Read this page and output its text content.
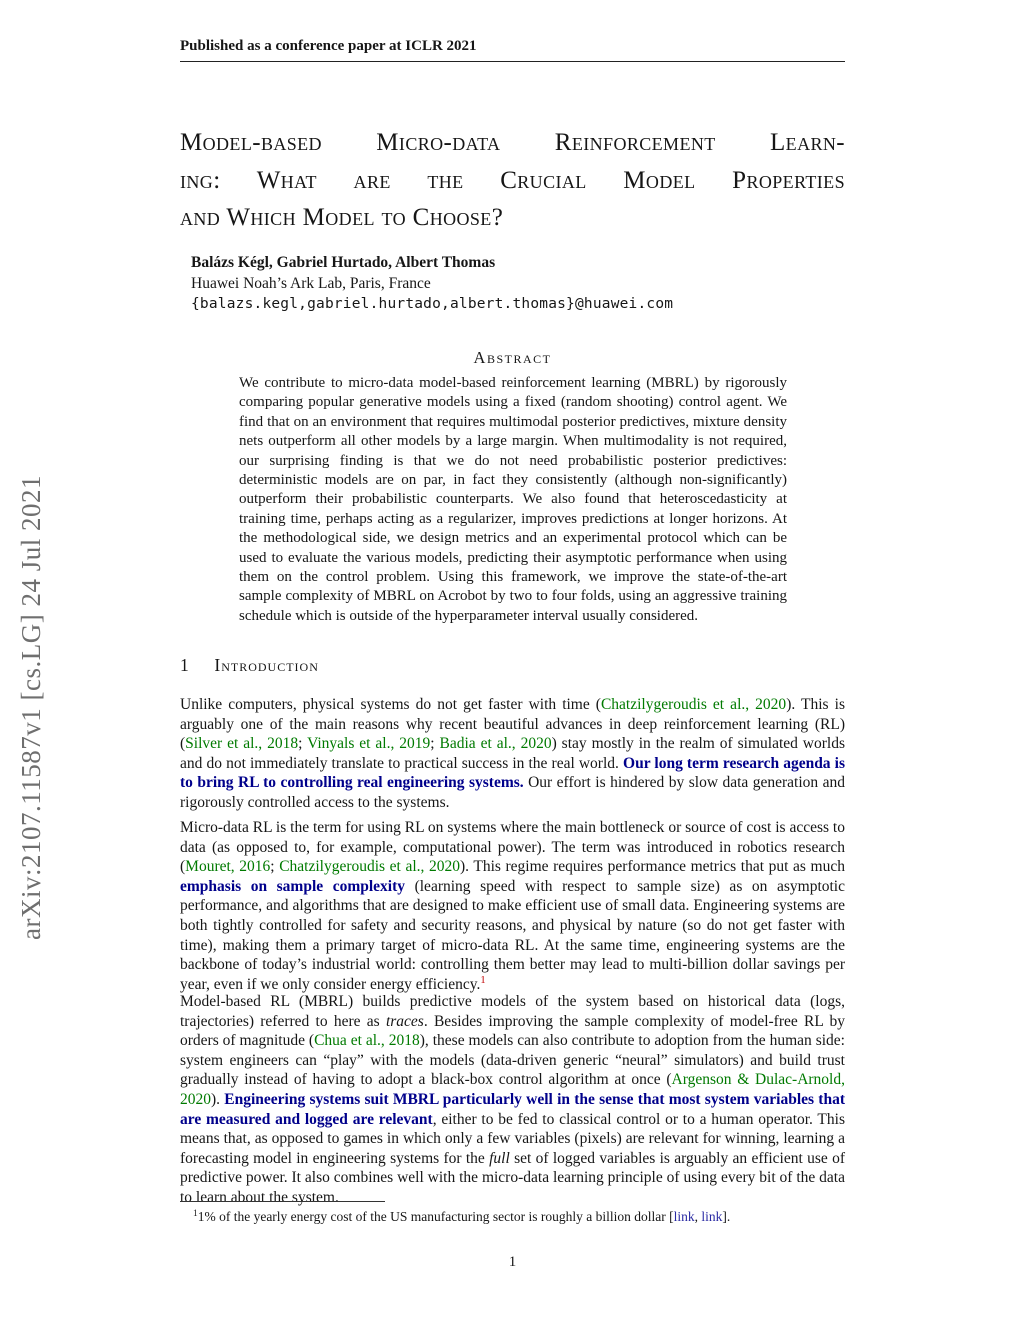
arXiv:2107.11587v1 [cs.LG] 24 Jul 2021
Published as a conference paper at ICLR 2021
Model-based Micro-data Reinforcement Learn-
ing: What are the Crucial Model Properties
and Which Model to Choose?
Balázs Kégl, Gabriel Hurtado, Albert Thomas
Huawei Noah’s Ark Lab, Paris, France
{balazs.kegl,gabriel.hurtado,albert.thomas}@huawei.com
Abstract
We contribute to micro-data model-based reinforcement learning (MBRL) by rigorously comparing popular generative models using a fixed (random shooting) control agent. We find that on an environment that requires multimodal posterior predictives, mixture density nets outperform all other models by a large margin. When multimodality is not required, our surprising finding is that we do not need probabilistic posterior predictives: deterministic models are on par, in fact they consistently (although non-significantly) outperform their probabilistic counterparts. We also found that heteroscedasticity at training time, perhaps acting as a regularizer, improves predictions at longer horizons. At the methodological side, we design metrics and an experimental protocol which can be used to evaluate the various models, predicting their asymptotic performance when using them on the control problem. Using this framework, we improve the state-of-the-art sample complexity of MBRL on Acrobot by two to four folds, using an aggressive training schedule which is outside of the hyperparameter interval usually considered.
1 Introduction

Unlike computers, physical systems do not get faster with time (Chatzilygeroudis et al., 2020). This is arguably one of the main reasons why recent beautiful advances in deep reinforcement learning (RL) (Silver et al., 2018; Vinyals et al., 2019; Badia et al., 2020) stay mostly in the realm of simulated worlds and do not immediately translate to practical success in the real world. Our long term research agenda is to bring RL to controlling real engineering systems. Our effort is hindered by slow data generation and rigorously controlled access to the systems.

Micro-data RL is the term for using RL on systems where the main bottleneck or source of cost is access to data (as opposed to, for example, computational power). The term was introduced in robotics research (Mouret, 2016; Chatzilygeroudis et al., 2020). This regime requires performance metrics that put as much emphasis on sample complexity (learning speed with respect to sample size) as on asymptotic performance, and algorithms that are designed to make efficient use of small data. Engineering systems are both tightly controlled for safety and security reasons, and physical by nature (so do not get faster with time), making them a primary target of micro-data RL. At the same time, engineering systems are the backbone of today’s industrial world: controlling them better may lead to multi-billion dollar savings per year, even if we only consider energy efficiency.$^1$

Model-based RL (MBRL) builds predictive models of the system based on historical data (logs, trajectories) referred to here as traces. Besides improving the sample complexity of model-free RL by orders of magnitude (Chua et al., 2018), these models can also contribute to adoption from the human side: system engineers can “play” with the models (data-driven generic “neural” simulators) and build trust gradually instead of having to adopt a black-box control algorithm at once (Argenson & Dulac-Arnold, 2020). Engineering systems suit MBRL particularly well in the sense that most system variables that are measured and logged are relevant, either to be fed to classical control or to a human operator. This means that, as opposed to games in which only a few variables (pixels) are relevant for winning, learning a forecasting model in engineering systems for the full set of logged variables is arguably an efficient use of predictive power. It also combines well with the micro-data learning principle of using every bit of the data to learn about the system.

$^1$1% of the yearly energy cost of the US manufacturing sector is roughly a billion dollar [link, link].
1
